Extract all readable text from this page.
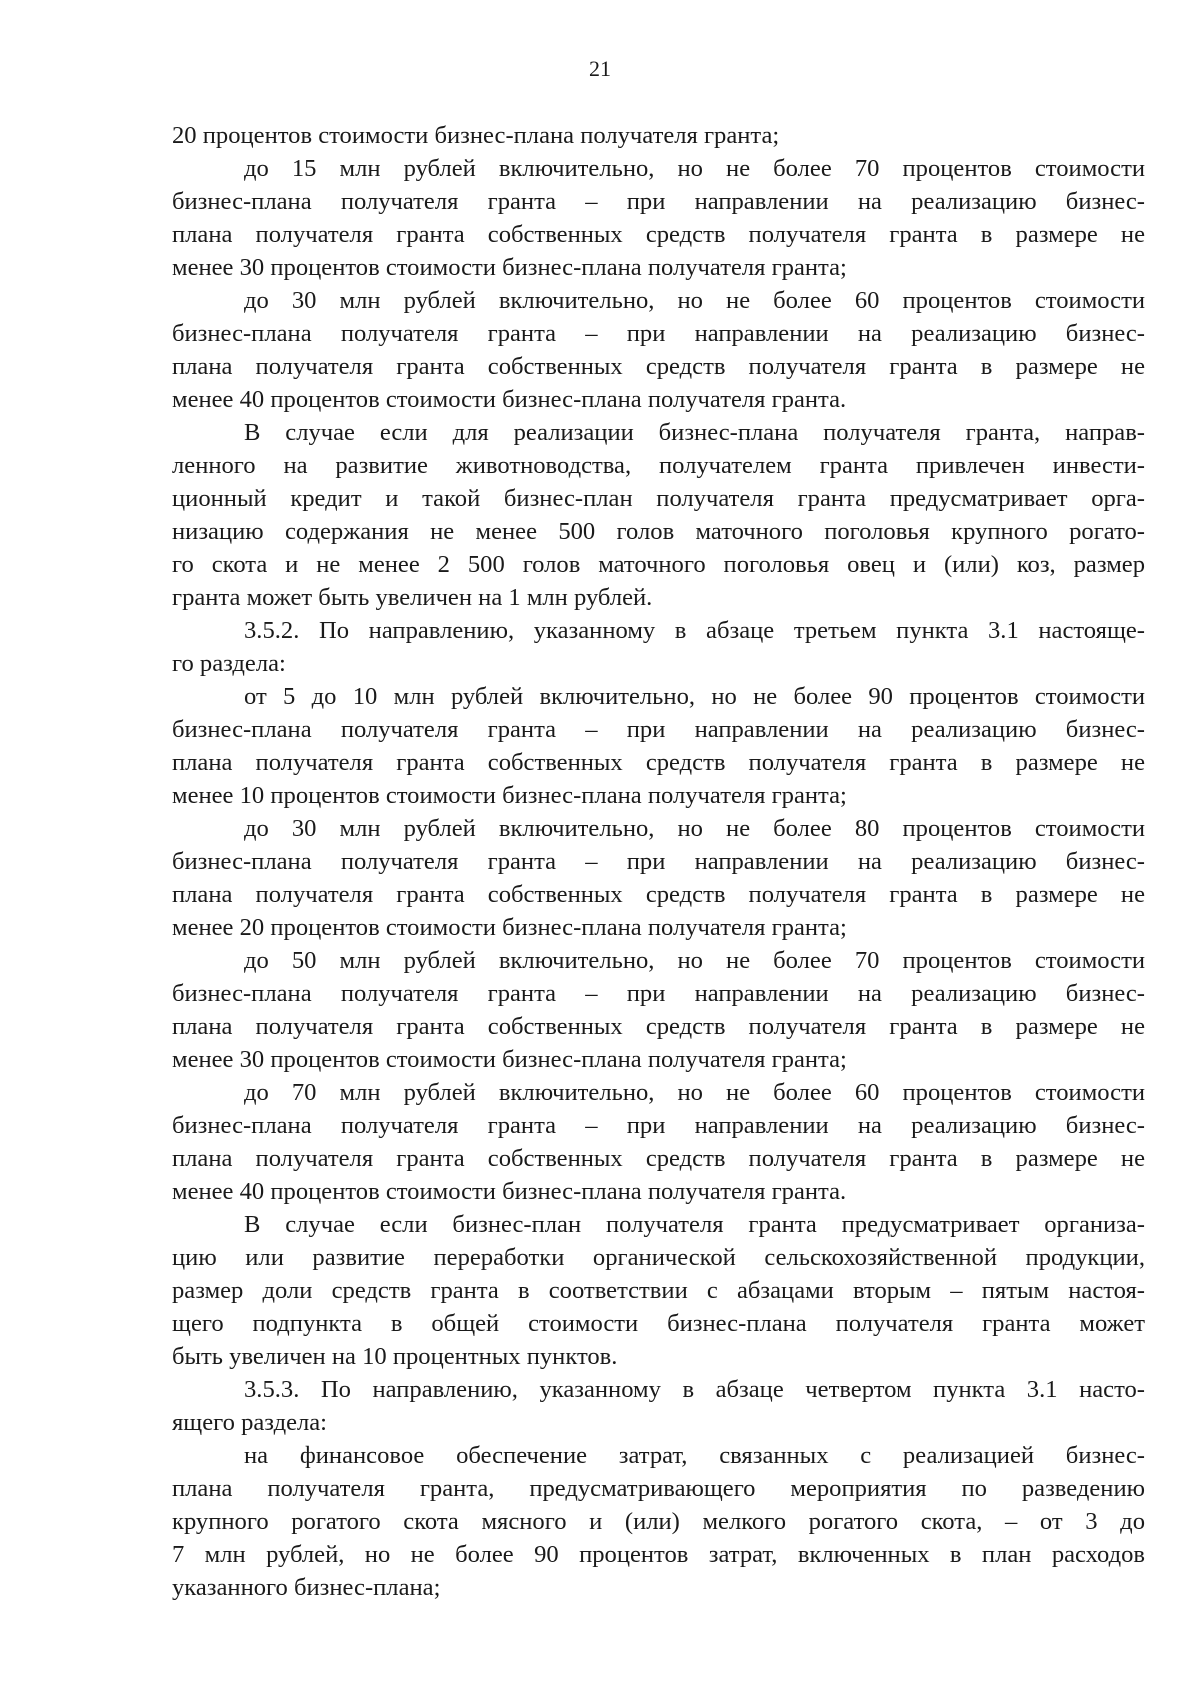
21
20 процентов стоимости бизнес-плана получателя гранта;
до 15 млн рублей включительно, но не более 70 процентов стоимости
бизнес-плана получателя гранта – при направлении на реализацию бизнес-
плана получателя гранта собственных средств получателя гранта в размере не
менее 30 процентов стоимости бизнес-плана получателя гранта;
до 30 млн рублей включительно, но не более 60 процентов стоимости
бизнес-плана получателя гранта – при направлении на реализацию бизнес-
плана получателя гранта собственных средств получателя гранта в размере не
менее 40 процентов стоимости бизнес-плана получателя гранта.
В случае если для реализации бизнес-плана получателя гранта, направ-
ленного на развитие животноводства, получателем гранта привлечен инвести-
ционный кредит и такой бизнес-план получателя гранта предусматривает орга-
низацию содержания не менее 500 голов маточного поголовья крупного рогато-
го скота и не менее 2 500 голов маточного поголовья овец и (или) коз, размер
гранта может быть увеличен на 1 млн рублей.
3.5.2. По направлению, указанному в абзаце третьем пункта 3.1 настояще-
го раздела:
от 5 до 10 млн рублей включительно, но не более 90 процентов стоимости
бизнес-плана получателя гранта – при направлении на реализацию бизнес-
плана получателя гранта собственных средств получателя гранта в размере не
менее 10 процентов стоимости бизнес-плана получателя гранта;
до 30 млн рублей включительно, но не более 80 процентов стоимости
бизнес-плана получателя гранта – при направлении на реализацию бизнес-
плана получателя гранта собственных средств получателя гранта в размере не
менее 20 процентов стоимости бизнес-плана получателя гранта;
до 50 млн рублей включительно, но не более 70 процентов стоимости
бизнес-плана получателя гранта – при направлении на реализацию бизнес-
плана получателя гранта собственных средств получателя гранта в размере не
менее 30 процентов стоимости бизнес-плана получателя гранта;
до 70 млн рублей включительно, но не более 60 процентов стоимости
бизнес-плана получателя гранта – при направлении на реализацию бизнес-
плана получателя гранта собственных средств получателя гранта в размере не
менее 40 процентов стоимости бизнес-плана получателя гранта.
В случае если бизнес-план получателя гранта предусматривает организа-
цию или развитие переработки органической сельскохозяйственной продукции,
размер доли средств гранта в соответствии с абзацами вторым – пятым настоя-
щего подпункта в общей стоимости бизнес-плана получателя гранта может
быть увеличен на 10 процентных пунктов.
3.5.3. По направлению, указанному в абзаце четвертом пункта 3.1 насто-
ящего раздела:
на финансовое обеспечение затрат, связанных с реализацией бизнес-
плана получателя гранта, предусматривающего мероприятия по разведению
крупного рогатого скота мясного и (или) мелкого рогатого скота, – от 3 до
7 млн рублей, но не более 90 процентов затрат, включенных в план расходов
указанного бизнес-плана;
